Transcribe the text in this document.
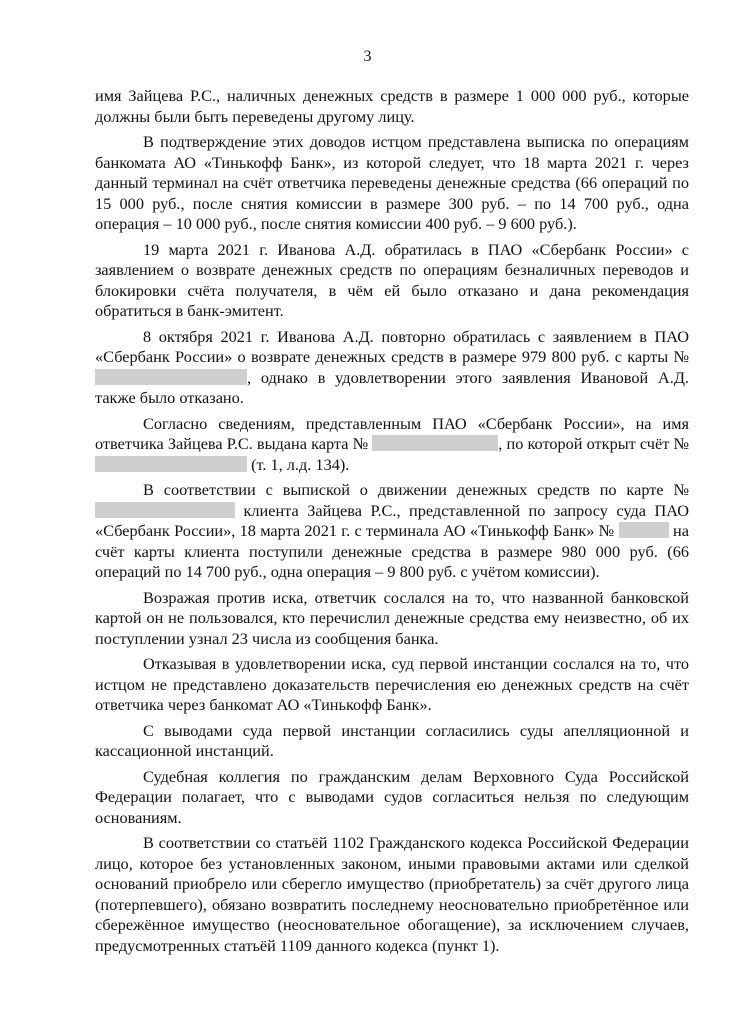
3

имя Зайцева Р.С., наличных денежных средств в размере 1 000 000 руб., которые должны были быть переведены другому лицу.

В подтверждение этих доводов истцом представлена выписка по операциям банкомата АО «Тинькофф Банк», из которой следует, что 18 марта 2021 г. через данный терминал на счёт ответчика переведены денежные средства (66 операций по 15 000 руб., после снятия комиссии в размере 300 руб. – по 14 700 руб., одна операция – 10 000 руб., после снятия комиссии 400 руб. – 9 600 руб.).

19 марта 2021 г. Иванова А.Д. обратилась в ПАО «Сбербанк России» с заявлением о возврате денежных средств по операциям безналичных переводов и блокировки счёта получателя, в чём ей было отказано и дана рекомендация обратиться в банк-эмитент.

8 октября 2021 г. Иванова А.Д. повторно обратилась с заявлением в ПАО «Сбербанк России» о возврате денежных средств в размере 979 800 руб. с карты № , однако в удовлетворении этого заявления Ивановой А.Д. также было отказано.

Согласно сведениям, представленным ПАО «Сбербанк России», на имя ответчика Зайцева Р.С. выдана карта №	, по которой открыт счёт №  (т. 1, л.д. 134).

В соответствии с выпиской о движении денежных средств по карте № клиента Зайцева Р.С., представленной по запросу суда ПАО «Сбербанк России», 18 марта 2021 г. с терминала АО «Тинькофф Банк» №	на счёт карты клиента поступили денежные средства в размере 980 000 руб. (66 операций по 14 700 руб., одна операция – 9 800 руб. с учётом комиссии).

Возражая против иска, ответчик сослался на то, что названной банковской картой он не пользовался, кто перечислил денежные средства ему неизвестно, об их поступлении узнал 23 числа из сообщения банка.

Отказывая в удовлетворении иска, суд первой инстанции сослался на то, что истцом не представлено доказательств перечисления ею денежных средств на счёт ответчика через банкомат АО «Тинькофф Банк».

С выводами суда первой инстанции согласились суды апелляционной и кассационной инстанций.

Судебная коллегия по гражданским делам Верховного Суда Российской Федерации полагает, что с выводами судов согласиться нельзя по следующим основаниям.

В соответствии со статьёй 1102 Гражданского кодекса Российской Федерации лицо, которое без установленных законом, иными правовыми актами или сделкой оснований приобрело или сберегло имущество (приобретатель) за счёт другого лица (потерпевшего), обязано возвратить последнему неосновательно приобретённое или сбережённое имущество (неосновательное обогащение), за исключением случаев, предусмотренных статьёй 1109 данного кодекса (пункт 1).
